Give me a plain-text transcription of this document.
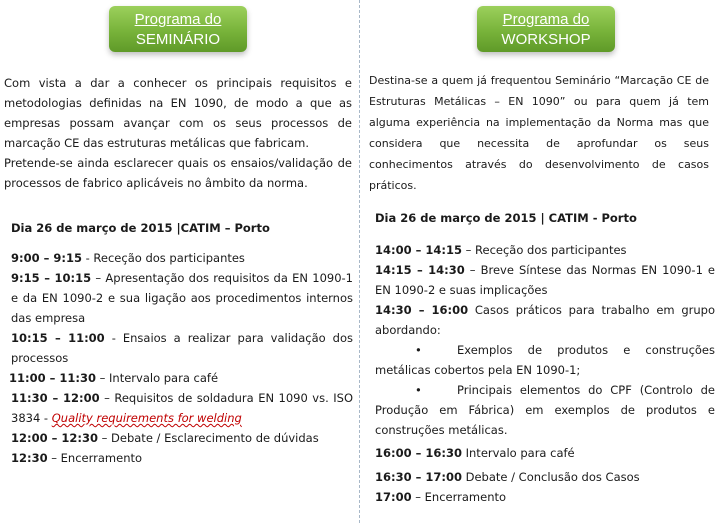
Programa do
SEMINÁRIO

Com vista a dar a conhecer os principais requisitos e metodologias definidas na EN 1090, de modo a que as empresas possam avançar com os seus processos de marcação CE das estruturas metálicas que fabricam.

Pretende-se ainda esclarecer quais os ensaios/validação de processos de fabrico aplicáveis no âmbito da norma.

Dia 26 de março de 2015 |CATIM – Porto

9:00 – 9:15 - Receção dos participantes

9:15 – 10:15 – Apresentação dos requisitos da EN 1090-1 e da EN 1090-2 e sua ligação aos procedimentos internos das empresa

10:15 – 11:00 - Ensaios a realizar para validação dos processos

11:00 – 11:30 – Intervalo para café

11:30 – 12:00 – Requisitos de soldadura EN 1090 vs. ISO 3834 - Quality requirements for welding

12:00 – 12:30 – Debate / Esclarecimento de dúvidas

12:30 – Encerramento

Programa do
WORKSHOP

Destina-se a quem já frequentou Seminário “Marcação CE de Estruturas Metálicas – EN 1090” ou para quem já tem alguma experiência na implementação da Norma mas que considera que necessita de aprofundar os seus conhecimentos através do desenvolvimento de casos práticos.

Dia 26 de março de 2015 | CATIM - Porto

14:00 – 14:15 – Receção dos participantes

14:15 – 14:30 – Breve Síntese das Normas EN 1090-1 e EN 1090-2 e suas implicações

14:30 – 16:00 Casos práticos para trabalho em grupo abordando:

•	Exemplos de produtos e construções metálicas cobertos pela EN 1090-1;

•	Principais elementos do CPF (Controlo de Produção em Fábrica) em exemplos de produtos e construções metálicas.

16:00 – 16:30 Intervalo para café

16:30 – 17:00 Debate / Conclusão dos Casos

17:00 – Encerramento
